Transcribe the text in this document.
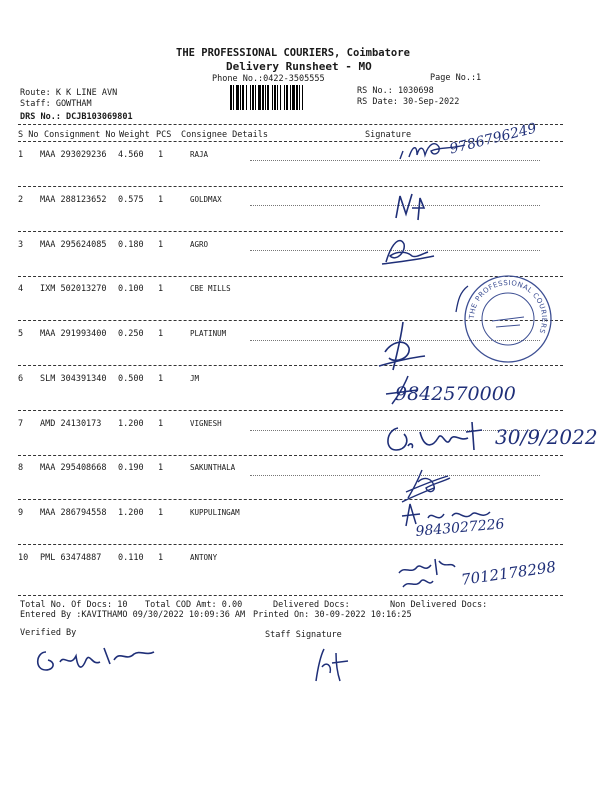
THE PROFESSIONAL COURIERS, Coimbatore
Delivery Runsheet - MO
Phone No.:0422-3505555	Page No.:1
Route: K K LINE AVN
Staff: GOWTHAM
DRS No.: DCJB103069801
RS No.: 1030698
RS Date: 30-Sep-2022
S No Consignment No Weight PCS Consignee Details	Signature
1 MAA 293029236 4.560 1	RAJA
2 MAA 288123652 0.575 1	GOLDMAX
3 MAA 295624085 0.180 1	AGRO
4 IXM 502013270 0.100 1	CBE MILLS
5 MAA 291993400 0.250 1	PLATINUM
6 SLM 304391340 0.500 1	JM
7 AMD 24130173 1.200 1	VIGNESH
8 MAA 295408668 0.190 1	SAKUNTHALA
9 MAA 286794558 1.200 1	KUPPULINGAM
10 PML 63474887 0.110 1	ANTONY
9786796249
THE PROFESSIONAL COURIERS
9842570000
30/9/2022
9843027226
7012178298
Total No. Of Docs: 10 Total COD Amt: 0.00	Delivered Docs:	Non Delivered Docs:
Entered By :KAVITHAMO 09/30/2022 10:09:36 AM Printed On: 30-09-2022 10:16:25
Verified By	Staff Signature
